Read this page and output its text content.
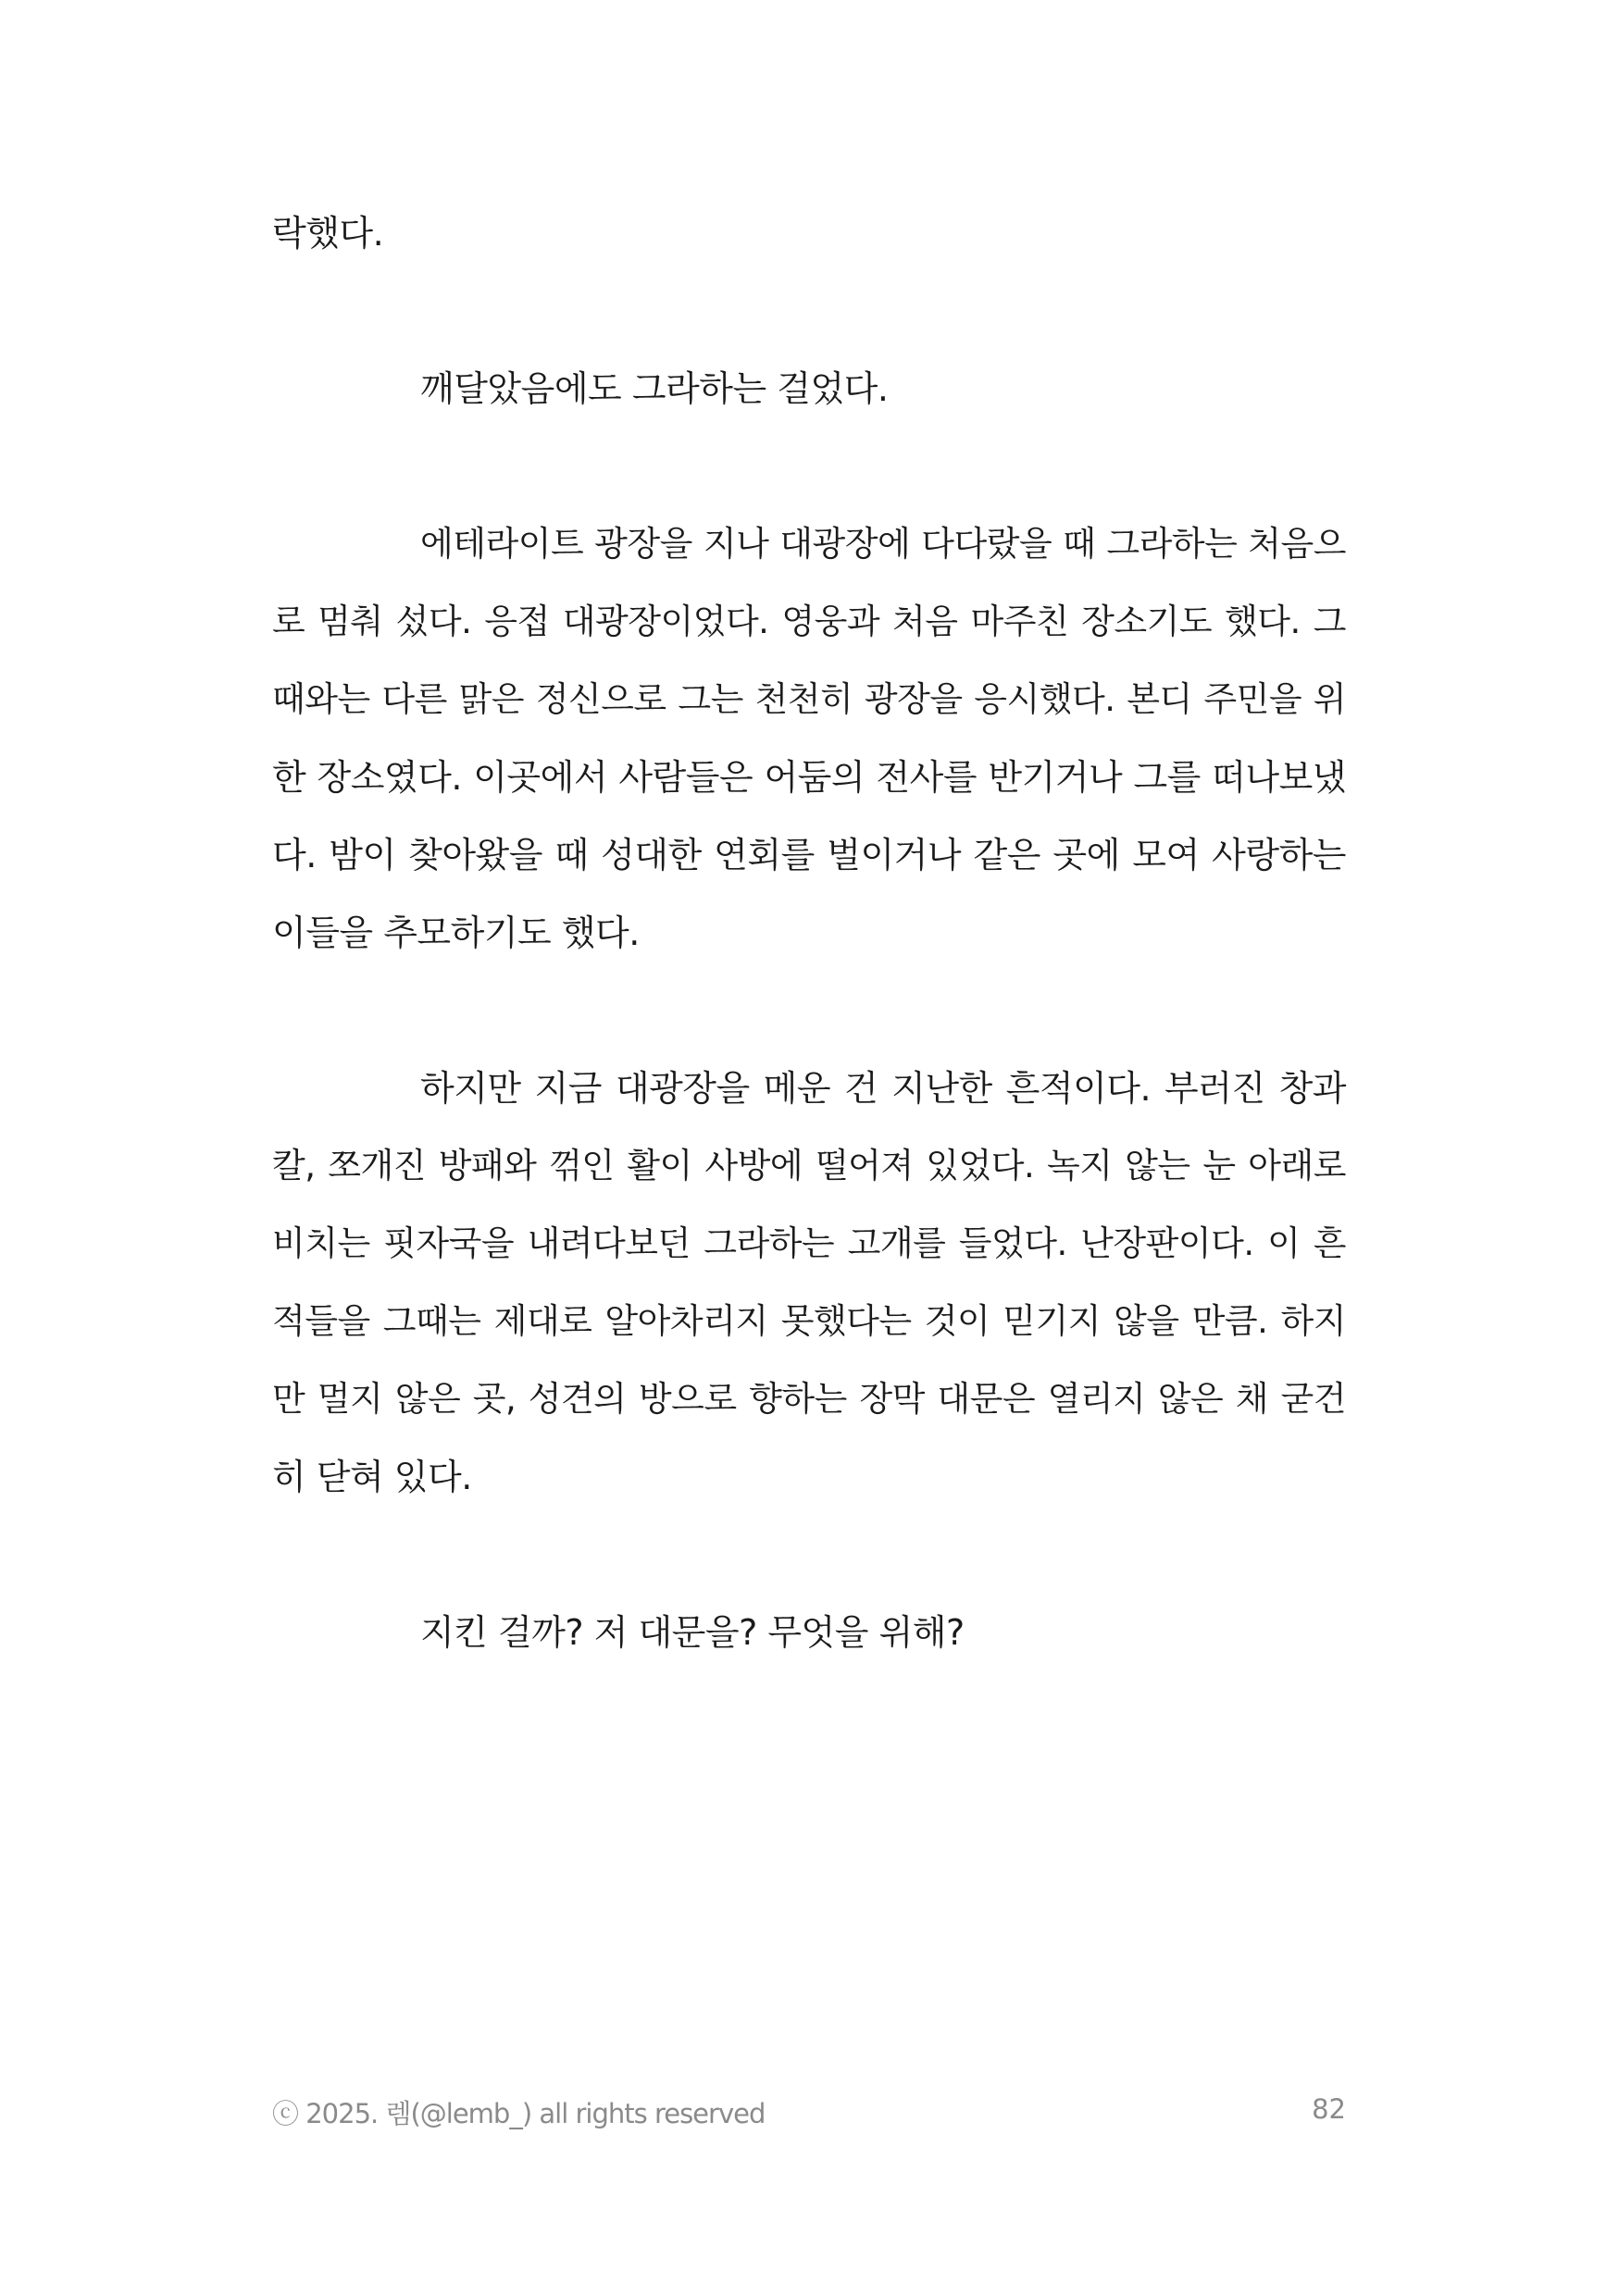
락했다.
깨달았음에도 그라하는 걸었다.
에테라이트 광장을 지나 대광장에 다다랐을 때 그라하는 처음으
로 멈춰 섰다. 응접 대광장이었다. 영웅과 처음 마주친 장소기도 했다. 그
때와는 다른 맑은 정신으로 그는 천천히 광장을 응시했다. 본디 주민을 위
한 장소였다. 이곳에서 사람들은 어둠의 전사를 반기거나 그를 떠나보냈
다. 밤이 찾아왔을 때 성대한 연회를 벌이거나 같은 곳에 모여 사랑하는
이들을 추모하기도 했다.
하지만 지금 대광장을 메운 건 지난한 흔적이다. 부러진 창과
칼, 쪼개진 방패와 꺾인 활이 사방에 떨어져 있었다. 녹지 않는 눈 아래로
비치는 핏자국을 내려다보던 그라하는 고개를 들었다. 난장판이다. 이 흔
적들을 그때는 제대로 알아차리지 못했다는 것이 믿기지 않을 만큼. 하지
만 멀지 않은 곳, 성견의 방으로 향하는 장막 대문은 열리지 않은 채 굳건
히 닫혀 있다.
지킨 걸까? 저 대문을? 무엇을 위해?
ⓒ 2025. 렘(@lemb_) all rights reserved	82
